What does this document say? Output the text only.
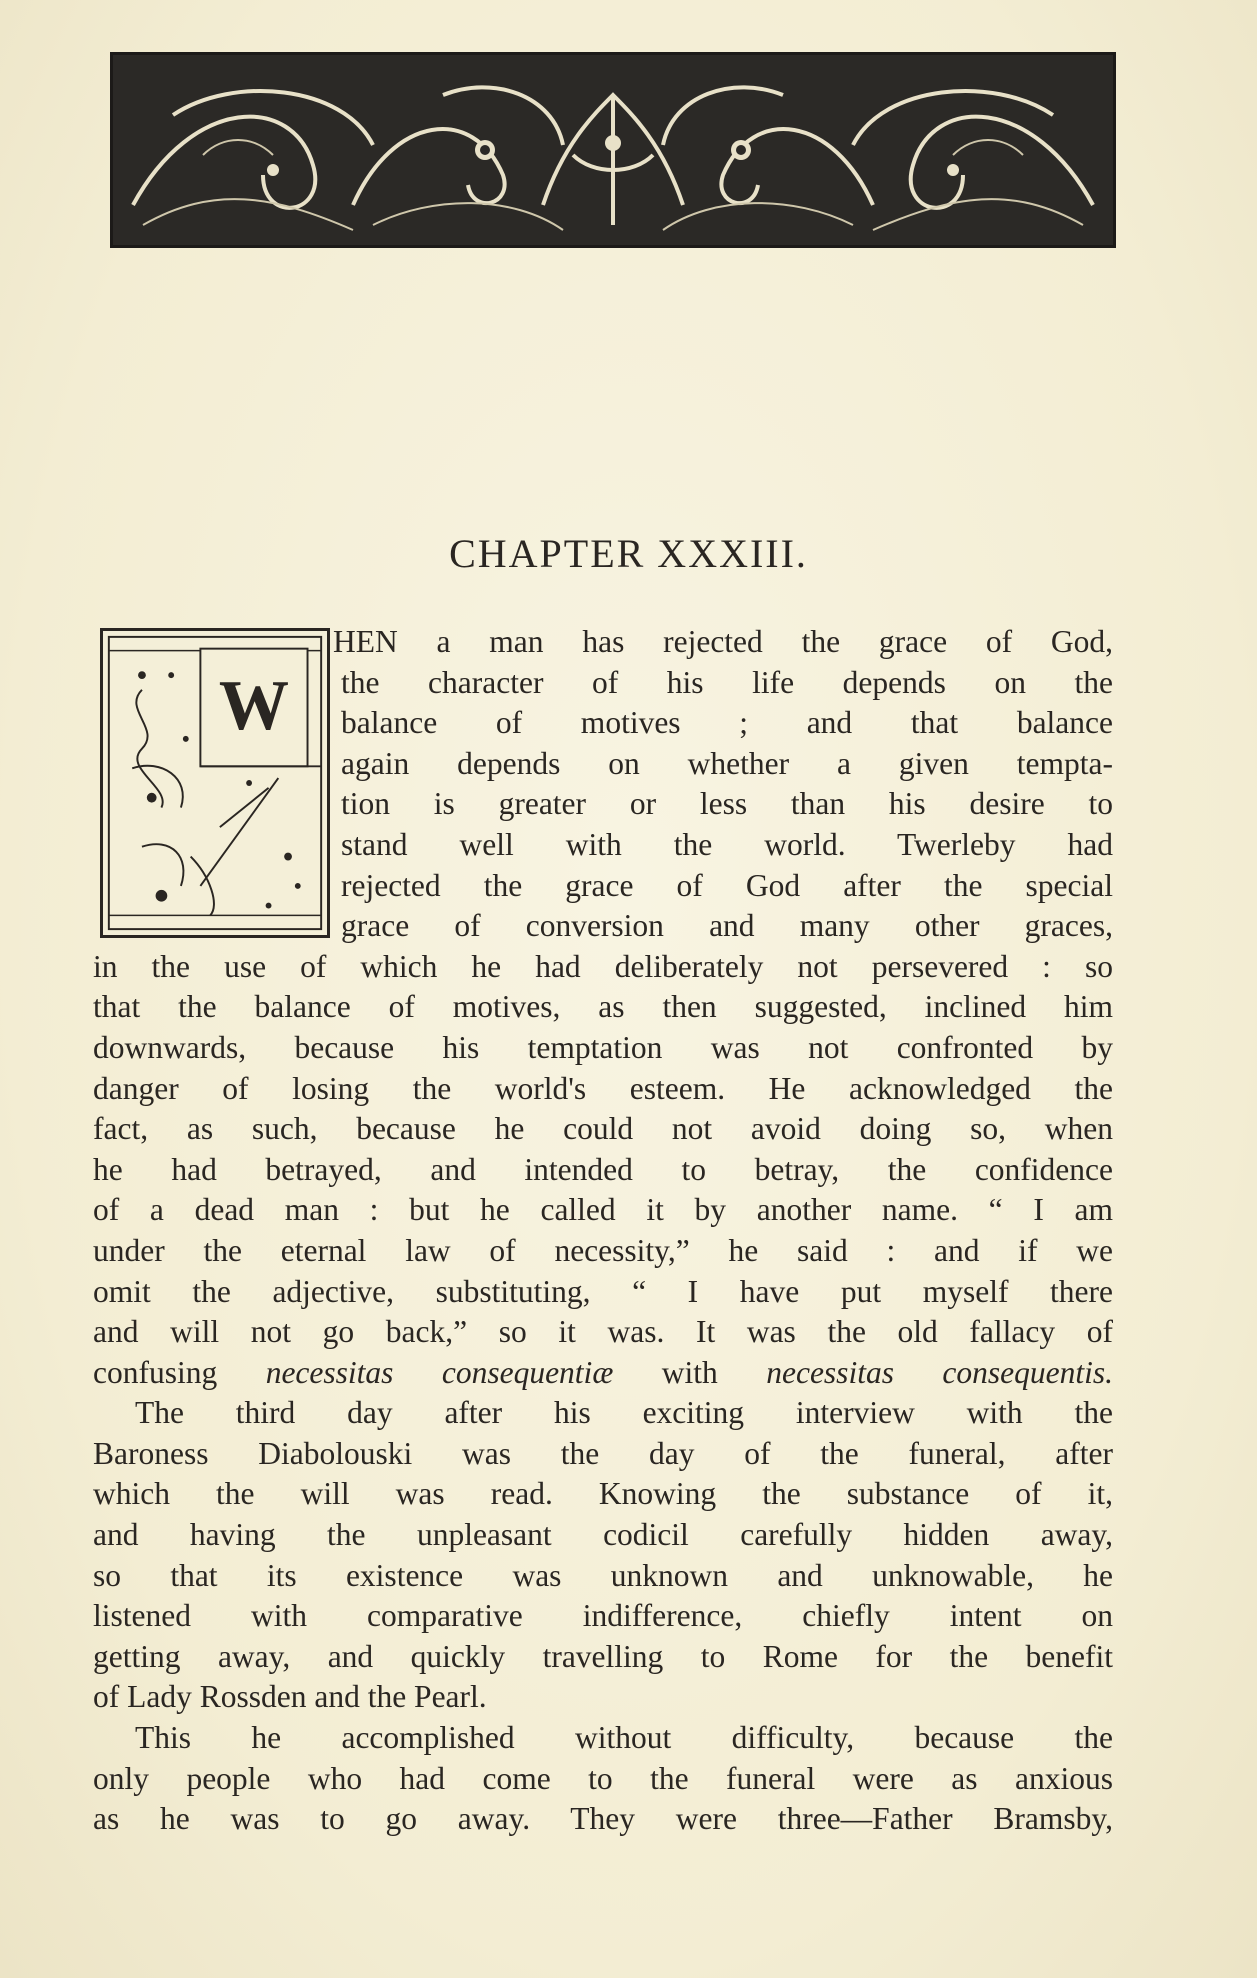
CHAPTER XXXIII.
W
HEN a man has rejected the grace of God,
the character of his life depends on the
balance of motives ; and that balance
again depends on whether a given tempta-
tion is greater or less than his desire to
stand well with the world. Twerleby had
rejected the grace of God after the special
grace of conversion and many other graces,
in the use of which he had deliberately not persevered : so
that the balance of motives, as then suggested, inclined him
downwards, because his temptation was not confronted by
danger of losing the world's esteem. He acknowledged the
fact, as such, because he could not avoid doing so, when
he had betrayed, and intended to betray, the confidence
of a dead man : but he called it by another name. “ I am
under the eternal law of necessity,” he said : and if we
omit the adjective, substituting, “ I have put myself there
and will not go back,” so it was. It was the old fallacy of
confusing necessitas consequentiæ with necessitas consequentis.
The third day after his exciting interview with the
Baroness Diabolouski was the day of the funeral, after
which the will was read. Knowing the substance of it,
and having the unpleasant codicil carefully hidden away,
so that its existence was unknown and unknowable, he
listened with comparative indifference, chiefly intent on
getting away, and quickly travelling to Rome for the benefit
of Lady Rossden and the Pearl.
This he accomplished without difficulty, because the
only people who had come to the funeral were as anxious
as he was to go away. They were three—Father Bramsby,
